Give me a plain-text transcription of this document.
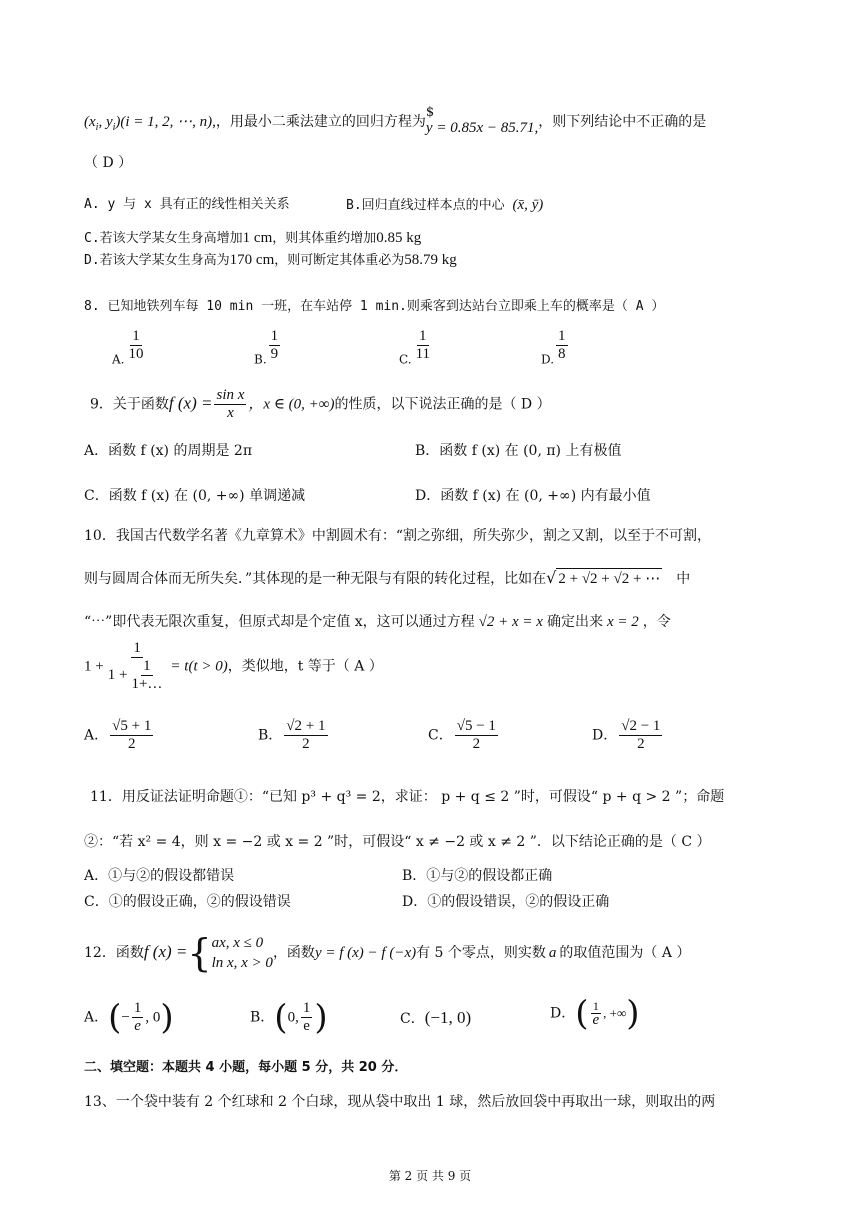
($x_i$, $y_i)(i = 1$, 2, ⋯, n),，用最小二乘法建立的回归方程为
$
y = 0.85x − 85.71,，则下列结论中不正确的是
（ D ）
A. y 与 x 具有正的线性相关关系	B.回归直线过样本点的中心 (x̄, ȳ)
C.若该大学某女生身高增加1 cm，则其体重约增加0.85 kg
D.若该大学某女生身高为170 cm，则可断定其体重必为58.79 kg
8. 已知地铁列车每 10 min 一班，在车站停 1 min.则乘客到达站台立即乘上车的概率是（ A ）
A. $\frac{1}{10}$	B. $\frac{1}{9}$	C. $\frac{1}{11}$	D. $\frac{1}{8}$
9．关于函数f $(x) = \frac{\text{sin x}}{x}$ ，x ∈ (0, +∞)的性质，以下说法正确的是（ D ）
A．函数 f (x) 的周期是 2π	B．函数 f (x) 在 (0, π) 上有极值
C．函数 f (x) 在 (0, +∞) 单调递减	D．函数 f (x) 在 (0, +∞) 内有最小值
10．我国古代数学名著《九章算术》中割圆术有：“割之弥细，所失弥少，割之又割，以至于不可割，
则与圆周合体而无所失矣．”其体现的是一种无限与有限的转化过程，比如在√ 2 + √2 + √2 + ⋯ 中
“⋯”即代表无限次重复，但原式却是个定值 x，这可以通过方程 √2 + x = x 确定出来 x = 2 ，令
$1 + \frac{1}{1 + \frac{1}{1+\dots}} = t(t > 0)$，类似地，t 等于（ A ）
A． $\frac{√5 + 1}{2}$	B． $\frac{√2 + 1}{2}$	C． $\frac{√5 - 1}{2}$	D． $\frac{√2 - 1}{2}$
11．用反证法证明命题①：“已知 p³ + q³ = 2，求证： p + q ≤ 2 ”时，可假设“ p + q > 2 ”；命题
②：“若 x² = 4，则 x = −2 或 x = 2 ”时，可假设“ x ≠ −2 或 x ≠ 2 ”．以下结论正确的是（ C ）
A．①与②的假设都错误	B．①与②的假设都正确
C．①的假设正确，②的假设错误	D．①的假设错误，②的假设正确
12．函数f (x) ={ ax, x ≤ 0
ln x, x > 0
，函数y = f (x) − f (−x)有 5 个零点，则实数 a 的取值范围为（ A ）
A．(− $\frac{1}{e}$ , 0)	B．(0, $\frac{1}{e}$ )	C．(−1, 0)	D．( $\frac{1}{e}$ , +∞)
二、填空题：本题共 4 小题，每小题 5 分，共 20 分．
13、一个袋中装有 2 个红球和 2 个白球，现从袋中取出 1 球，然后放回袋中再取出一球，则取出的两
第 2 页 共 9 页
